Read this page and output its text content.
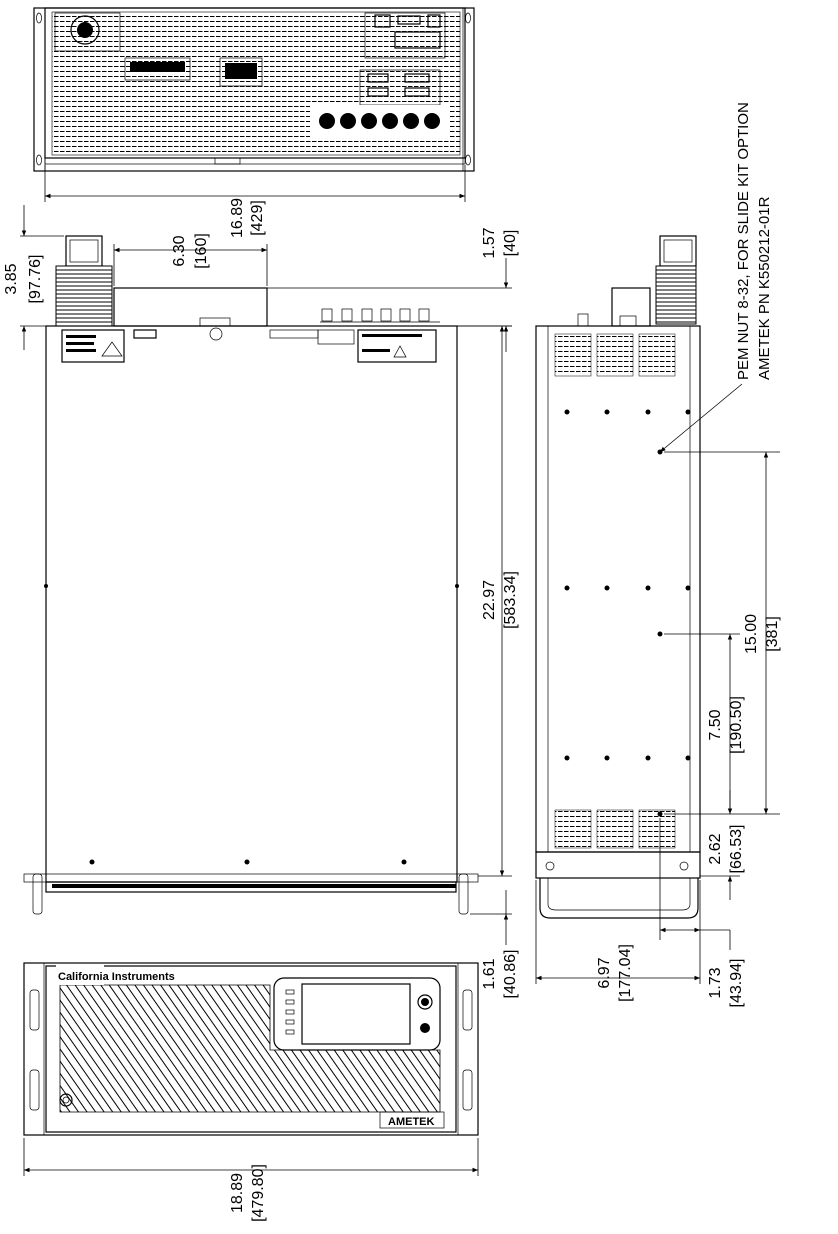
16.89 [429]
3.85 [97.76]
6.30 [160]	1.57 [40]
22.97 [583.34]
1.61 [40.86]	6.97 [177.04]
15.00 [381]
7.50 [190.50]
2.62 [66.53]
1.73 [43.94]
PEM NUT 8-32, FOR SLIDE KIT OPTION AMETEK PN K550212-01R
California Instruments
AMETEK
18.89 [479.80]
